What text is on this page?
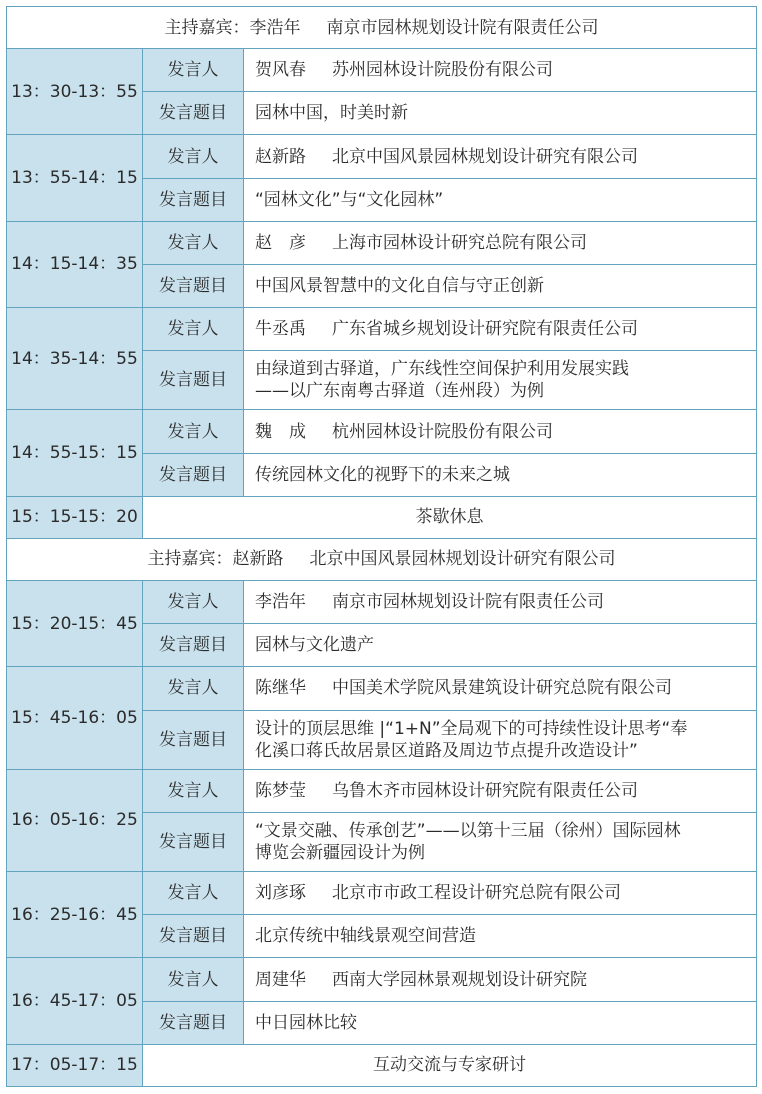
主持嘉宾：李浩年 南京市园林规划设计院有限责任公司		
13：30-13：55	发言人	贺风春 苏州园林设计院股份有限公司
	发言题目	园林中国，时美时新

13：55-14：15	发言人	赵新路 北京中国风景园林规划设计研究有限公司
	发言题目	“园林文化”与“文化园林”

14：15-14：35	发言人	赵　彦 上海市园林设计研究总院有限公司
	发言题目	中国风景智慧中的文化自信与守正创新

14：35-14：55	发言人	牛丞禹 广东省城乡规划设计研究院有限责任公司
	发言题目	由绿道到古驿道，广东线性空间保护利用发展实践
——以广东南粤古驿道（连州段）为例

14：55-15：15	发言人	魏　成 杭州园林设计院股份有限公司
	发言题目	传统园林文化的视野下的未来之城

15：15-15：20	茶歇休息	
主持嘉宾：赵新路 北京中国风景园林规划设计研究有限公司		
15：20-15：45	发言人	李浩年 南京市园林规划设计院有限责任公司
	发言题目	园林与文化遗产

15：45-16：05	发言人	陈继华 中国美术学院风景建筑设计研究总院有限公司
	发言题目	设计的顶层思维 |“1+N”全局观下的可持续性设计思考“奉
化溪口蒋氏故居景区道路及周边节点提升改造设计”

16：05-16：25	发言人	陈梦莹 乌鲁木齐市园林设计研究院有限责任公司
	发言题目	“文景交融、传承创艺”——以第十三届（徐州）国际园林
博览会新疆园设计为例

16：25-16：45	发言人	刘彦琢 北京市市政工程设计研究总院有限公司
	发言题目	北京传统中轴线景观空间营造

16：45-17：05	发言人	周建华 西南大学园林景观规划设计研究院
	发言题目	中日园林比较

17：05-17：15	互动交流与专家研讨	
